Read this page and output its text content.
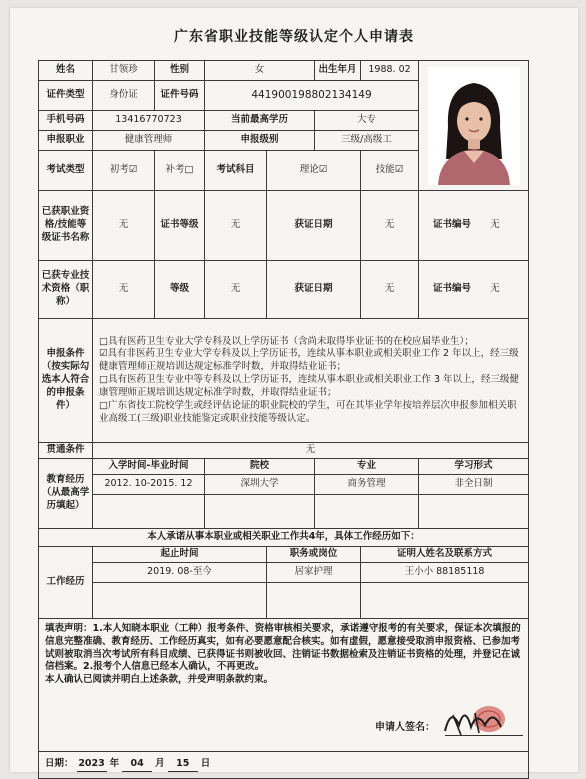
广东省职业技能等级认定个人申请表
姓名	甘领珍	性别	女		出生年月	1988. 02	

证件类型	身份证	证件号码	441900198802134149				
手机号码	13416770723		当前最高学历		大专		
申报职业	健康管理师		申报级别		三级/高级工		
考试类型	初考☑	补考□	考试科目	理论☑		技能☑	
已获职业资格/技能等级证书名称	无	证书等级	无	获证日期		无	证书编号 无
已获专业技术资格（职称）	无	等级	无	获证日期		无	证书编号 无
申报条件（按实际勾选本人符合的申报条件）	□具有医药卫生专业大学专科及以上学历证书（含尚未取得毕业证书的在校应届毕业生）；
☑具有非医药卫生专业大学专科及以上学历证书，连续从事本职业或相关职业工作 2 年以上，经三级健康管理师正规培训达规定标准学时数，并取得结业证书；
□具有医药卫生专业中等专科及以上学历证书，连续从事本职业或相关职业工作 3 年以上，经三级健康管理师正规培训达规定标准学时数，并取得结业证书；
□广东省技工院校学生或经评估论证的职业院校的学生，可在其毕业学年按培养层次申报参加相关职业高级工(三级)职业技能鉴定或职业技能等级认定。						

贯通条件	无						
教育经历（从最高学历填起）	入学时间-毕业时间		院校		专业		学习形式
	2012. 10-2015. 12		深圳大学		商务管理		非全日制

本人承诺从事本职业或相关职业工作共4年，具体工作经历如下：							
工作经历	起止时间			职务或岗位		证明人姓名及联系方式	
	2019. 08-至今			居家护理		王小小 88185118	

填表声明：1.本人知晓本职业（工种）报考条件、资格审核相关要求，承诺遵守报考的有关要求，保证本次填报的信息完整准确、教育经历、工作经历真实，如有必要愿意配合核实。如有虚假，愿意接受取消申报资格、已参加考试则被取消当次考试所有科目成绩、已获得证书则被收回、注销证书数据检索及注销证书资格的处理，并登记在诚信档案。2.报考个人信息已经本人确认，不再更改。

本人确认已阅读并明白上述条款，并受声明条款约束。

申请人签名：							

日期： 2023 年 04 月 15 日							
